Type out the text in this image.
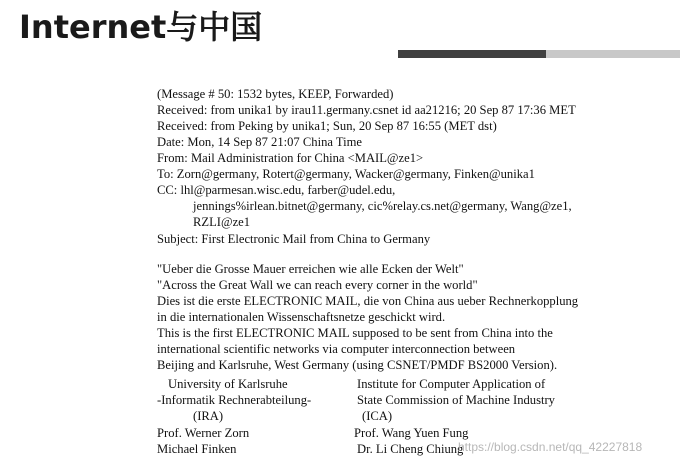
Internet与中国
(Message # 50: 1532 bytes, KEEP, Forwarded)
Received: from unika1 by irau11.germany.csnet id aa21216; 20 Sep 87 17:36 MET
Received: from Peking by unika1; Sun, 20 Sep 87 16:55 (MET dst)
Date: Mon, 14 Sep 87 21:07 China Time
From: Mail Administration for China <MAIL@ze1>
To: Zorn@germany, Rotert@germany, Wacker@germany, Finken@unika1
CC: lhl@parmesan.wisc.edu, farber@udel.edu,
jennings%irlean.bitnet@germany, cic%relay.cs.net@germany, Wang@ze1,
RZLI@ze1
Subject: First Electronic Mail from China to Germany
"Ueber die Grosse Mauer erreichen wie alle Ecken der Welt"
"Across the Great Wall we can reach every corner in the world"
Dies ist die erste ELECTRONIC MAIL, die von China aus ueber Rechnerkopplung
in die internationalen Wissenschaftsnetze geschickt wird.
This is the first ELECTRONIC MAIL supposed to be sent from China into the
international scientific networks via computer interconnection between
Beijing and Karlsruhe, West Germany (using CSNET/PMDF BS2000 Version).
University of Karlsruhe
-Informatik Rechnerabteilung-
(IRA)
Prof. Werner Zorn
Michael Finken
Institute for Computer Application of
State Commission of Machine Industry
(ICA)
Prof. Wang Yuen Fung
Dr. Li Cheng Chiung
https://blog.csdn.net/qq_42227818
